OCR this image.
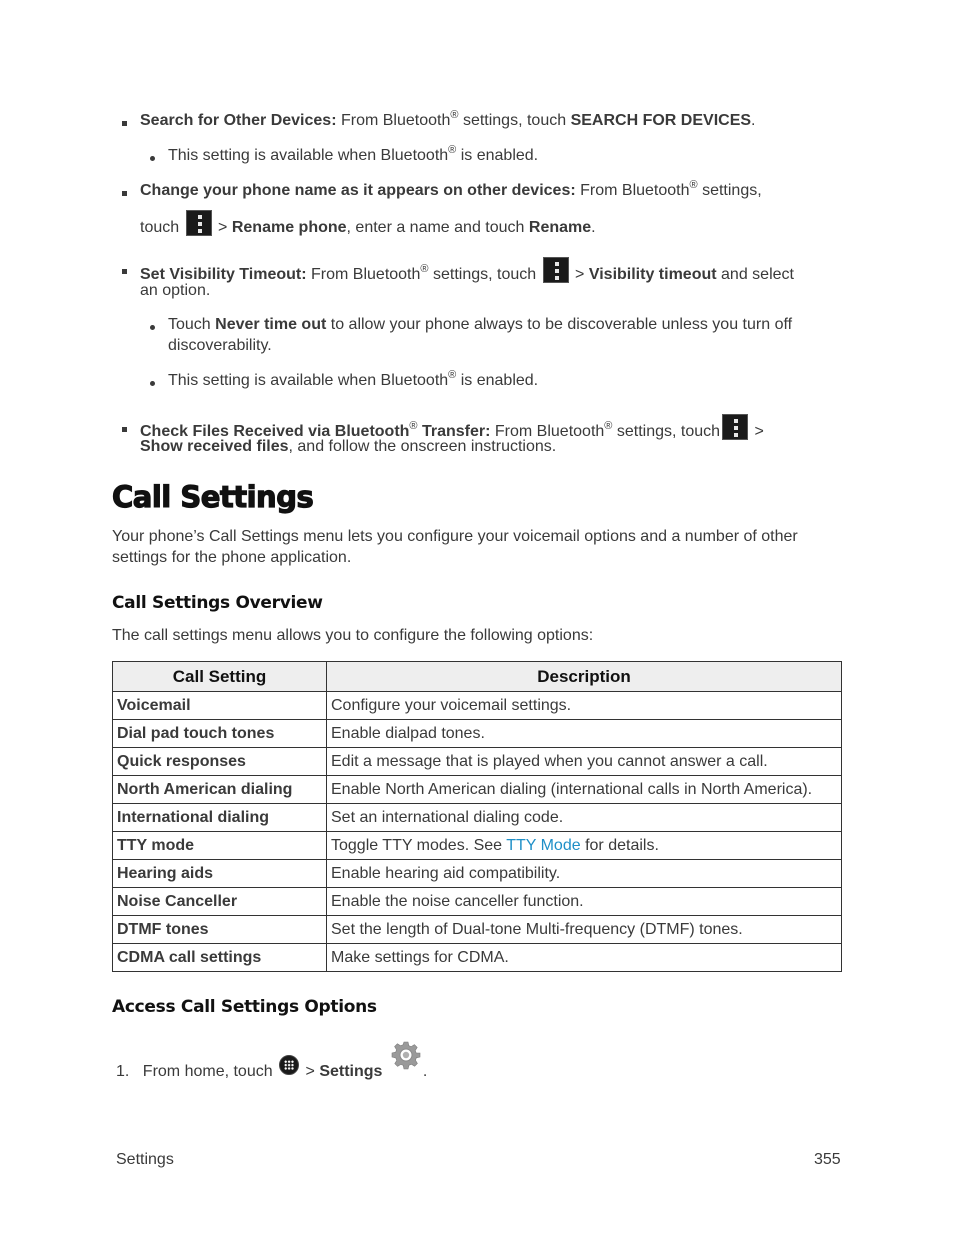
Search for Other Devices: From Bluetooth® settings, touch SEARCH FOR DEVICES.
This setting is available when Bluetooth® is enabled.
Change your phone name as it appears on other devices: From Bluetooth® settings,
touch > Rename phone, enter a name and touch Rename.
Set Visibility Timeout: From Bluetooth® settings, touch > Visibility timeout and select
an option.
Touch Never time out to allow your phone always to be discoverable unless you turn off
discoverability.
This setting is available when Bluetooth® is enabled.
Check Files Received via Bluetooth® Transfer: From Bluetooth® settings, touch >
Show received files, and follow the onscreen instructions.
Call Settings
Your phone’s Call Settings menu lets you configure your voicemail options and a number of other
settings for the phone application.
Call Settings Overview
The call settings menu allows you to configure the following options:
Call Setting	Description
Voicemail	Configure your voicemail settings.
Dial pad touch tones	Enable dialpad tones.
Quick responses	Edit a message that is played when you cannot answer a call.
North American dialing	Enable North American dialing (international calls in North America).
International dialing	Set an international dialing code.
TTY mode	Toggle TTY modes. See TTY Mode for details.
Hearing aids	Enable hearing aid compatibility.
Noise Canceller	Enable the noise canceller function.
DTMF tones	Set the length of Dual-tone Multi-frequency (DTMF) tones.
CDMA call settings	Make settings for CDMA.
Access Call Settings Options
1. From home, touch > Settings	.
Settings	355
